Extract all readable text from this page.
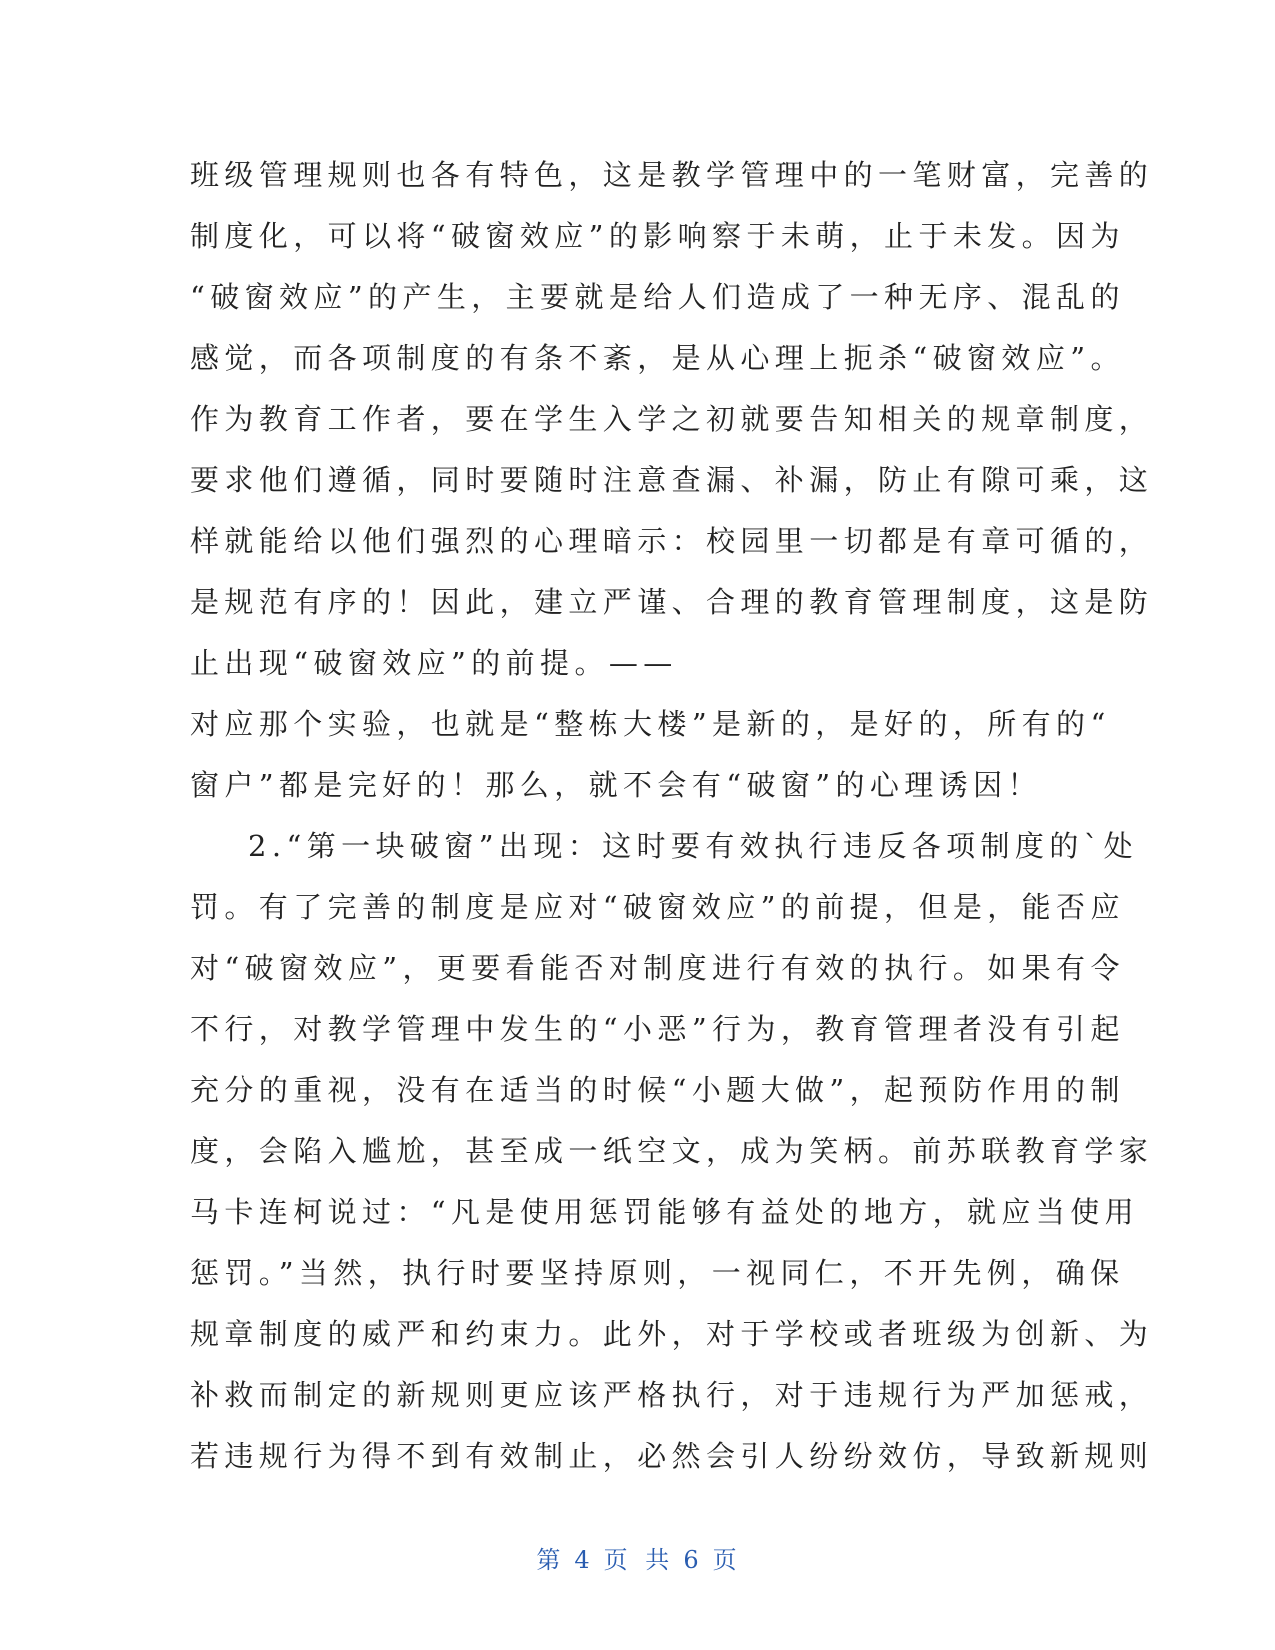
班级管理规则也各有特色，这是教学管理中的一笔财富，完善的
制度化，可以将“破窗效应”的影响察于未萌，止于未发。因为
“破窗效应”的产生，主要就是给人们造成了一种无序、混乱的
感觉，而各项制度的有条不紊，是从心理上扼杀“破窗效应”。
作为教育工作者，要在学生入学之初就要告知相关的规章制度，
要求他们遵循，同时要随时注意查漏、补漏，防止有隙可乘，这
样就能给以他们强烈的心理暗示：校园里一切都是有章可循的，
是规范有序的！因此，建立严谨、合理的教育管理制度，这是防
止出现“破窗效应”的前提。——
对应那个实验，也就是“整栋大楼”是新的，是好的，所有的“
窗户”都是完好的！那么，就不会有“破窗”的心理诱因！
2.“第一块破窗”出现：这时要有效执行违反各项制度的`处
罚。有了完善的制度是应对“破窗效应”的前提，但是，能否应
对“破窗效应”，更要看能否对制度进行有效的执行。如果有令
不行，对教学管理中发生的“小恶”行为，教育管理者没有引起
充分的重视，没有在适当的时候“小题大做”，起预防作用的制
度，会陷入尴尬，甚至成一纸空文，成为笑柄。前苏联教育学家
马卡连柯说过：“凡是使用惩罚能够有益处的地方，就应当使用
惩罚。”当然，执行时要坚持原则，一视同仁，不开先例，确保
规章制度的威严和约束力。此外，对于学校或者班级为创新、为
补救而制定的新规则更应该严格执行，对于违规行为严加惩戒，
若违规行为得不到有效制止，必然会引人纷纷效仿，导致新规则
第 4 页 共 6 页
